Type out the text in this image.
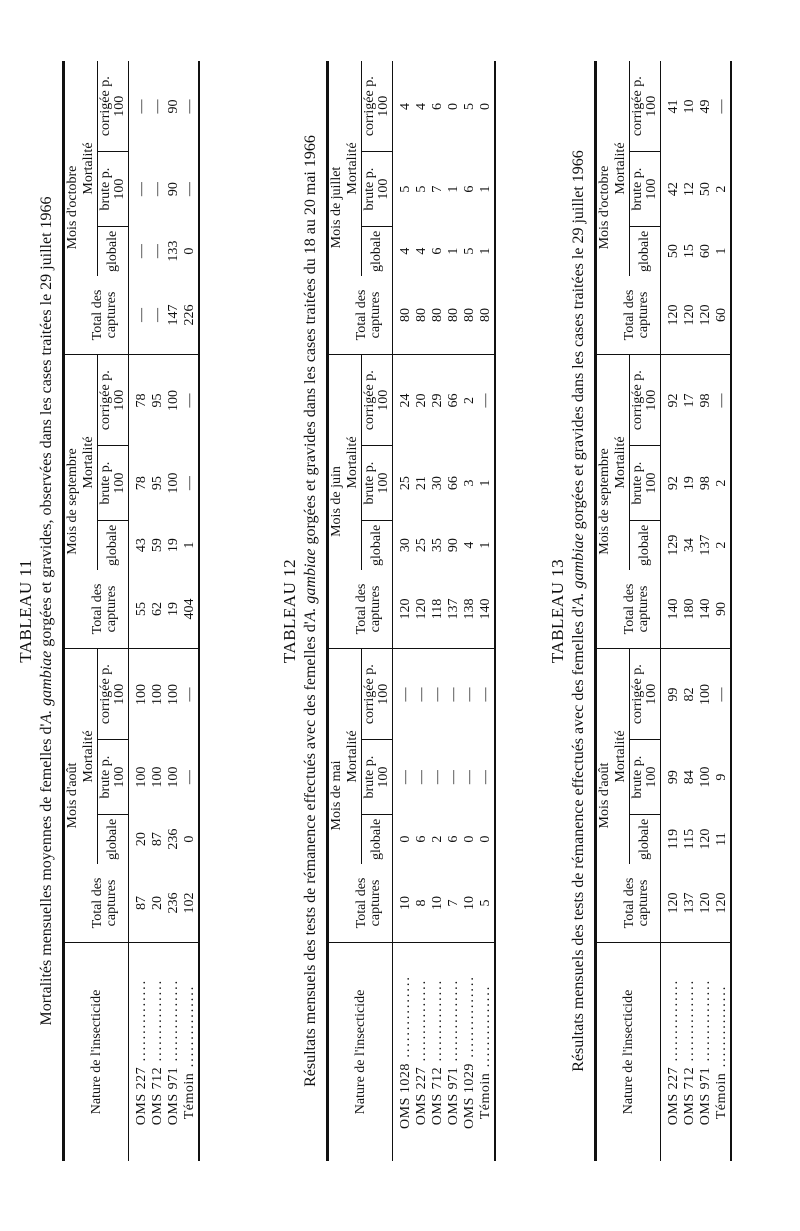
TABLEAU 11
Mortalités mensuelles moyennes de femelles d'A. gambiae gorgées et gravides, observées dans les cases traitées le 29 juillet 1966
Nature de l'insecticide	Mois d'août				Mois de septembre				Mois d'octobre			
	Total des captures	Mortalité			Total des captures	Mortalité			Total des captures	Mortalité		
		globale	brute p. 100	corrigée p. 100		globale	brute p. 100	corrigée p. 100		globale	brute p. 100	corrigée p. 100
OMS 227 ...............	87	20	100	100	55	43	78	78	—	—	—	—
OMS 712 ...............	20	87	100	100	62	59	95	95	—	—	—	—
OMS 971 ...............	236	236	100	100	19	19	100	100	147	133	90	90
Témoin ...............	102	0	—	—	404	1	—	—	226	0	—	—
TABLEAU 12
Résultats mensuels des tests de rémanence effectués avec des femelles d'A. gambiae gorgées et gravides dans les cases traitées du 18 au 20 mai 1966
Nature de l'insecticide	Mois de mai				Mois de juin				Mois de juillet			
	Total des captures	Mortalité			Total des captures	Mortalité			Total des captures	Mortalité		
		globale	brute p. 100	corrigée p. 100		globale	brute p. 100	corrigée p. 100		globale	brute p. 100	corrigée p. 100
OMS 1028 ...............	10	0	—	—	120	30	25	24	80	4	5	4
OMS 227 ...............	8	6	—	—	120	25	21	20	80	4	5	4
OMS 712 ...............	10	2	—	—	118	35	30	29	80	6	7	6
OMS 971 ...............	7	6	—	—	137	90	66	66	80	1	1	0
OMS 1029 ...............	10	0	—	—	138	4	3	2	80	5	6	5
Témoin ...............	5	0	—	—	140	1	1	—	80	1	1	0
TABLEAU 13 Résultats mensuels des tests de rémanence effectués avec des femelles d'A. gambiae gorgées et gravides dans les cases traitées le 29 juillet 1966
Nature de l'insecticide	Mois d'août				Mois de septembre				Mois d'octobre			
	Total des captures	Mortalité			Total des captures	Mortalité			Total des captures	Mortalité		
		globale	brute p. 100	corrigée p. 100		globale	brute p. 100	corrigée p. 100		globale	brute p. 100	corrigée p. 100
OMS 227 ...............	120	119	99	99	140	129	92	92	120	50	42	41
OMS 712 ...............	137	115	84	82	180	34	19	17	120	15	12	10
OMS 971 ...............	120	120	100	100	140	137	98	98	120	60	50	49
Témoin ...............	120	11	9	—	90	2	2	—	60	1	2	—
